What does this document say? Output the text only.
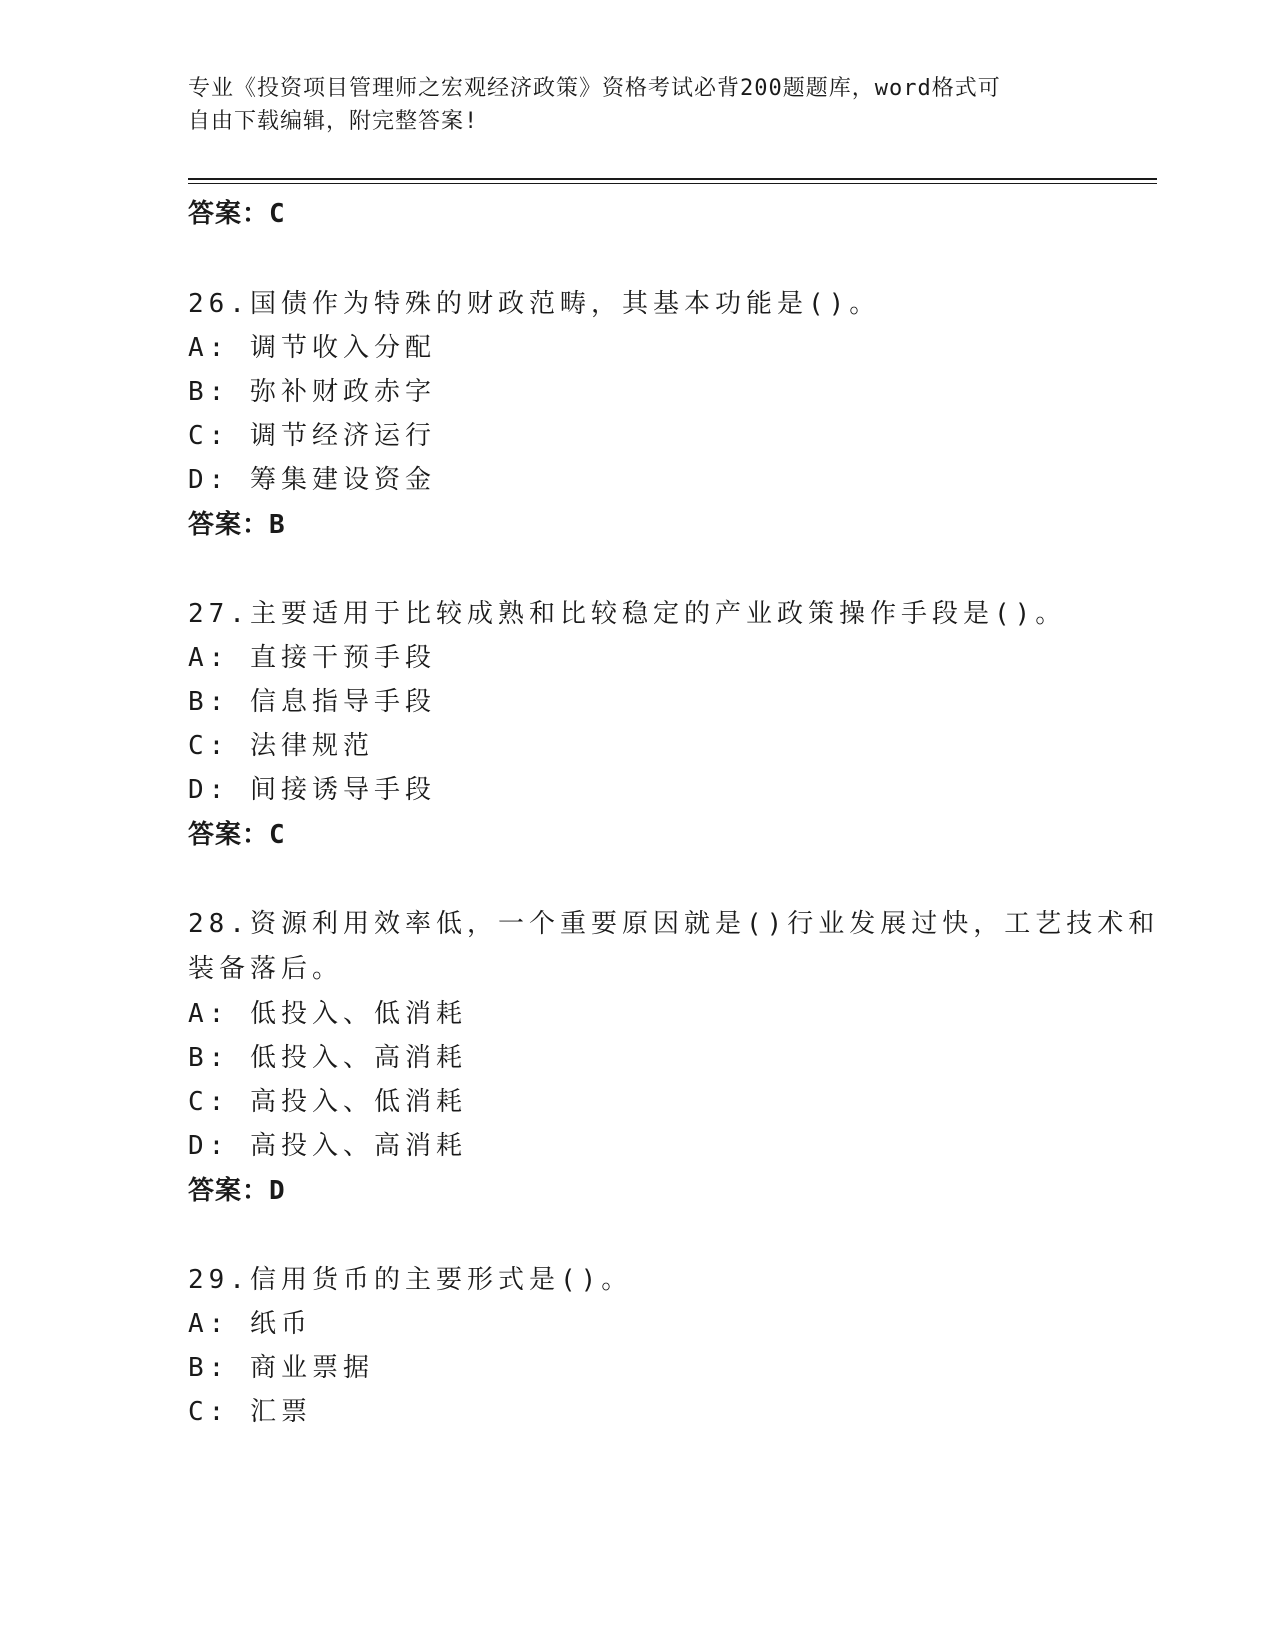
专业《投资项目管理师之宏观经济政策》资格考试必背200题题库，word格式可
自由下载编辑，附完整答案!
答案：C
26.国债作为特殊的财政范畴，其基本功能是()。
A: 调节收入分配
B: 弥补财政赤字
C: 调节经济运行
D: 筹集建设资金
答案：B
27.主要适用于比较成熟和比较稳定的产业政策操作手段是()。
A: 直接干预手段
B: 信息指导手段
C: 法律规范
D: 间接诱导手段
答案：C
28.资源利用效率低，一个重要原因就是()行业发展过快，工艺技术和
装备落后。
A: 低投入、低消耗
B: 低投入、高消耗
C: 高投入、低消耗
D: 高投入、高消耗
答案：D
29.信用货币的主要形式是()。
A: 纸币
B: 商业票据
C: 汇票
